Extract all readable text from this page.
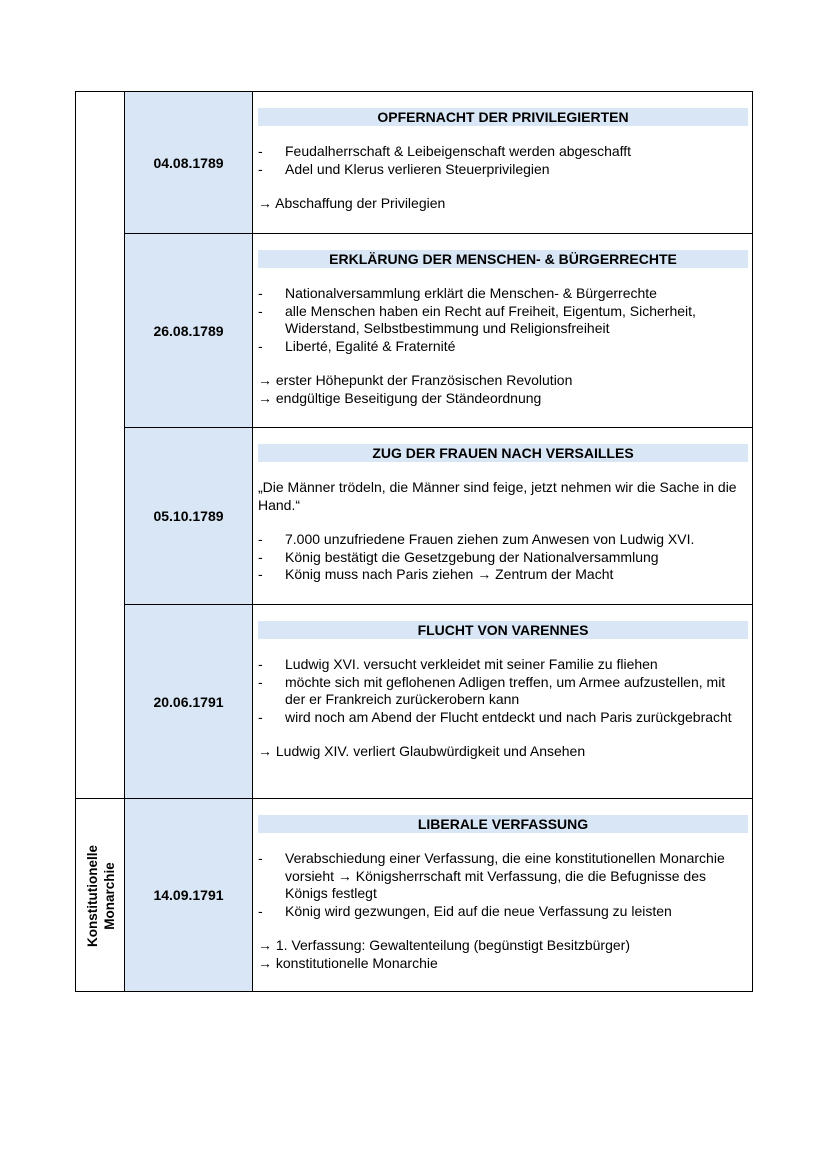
Konstitutionelle Monarchie
04.08.1789
OPFERNACHT DER PRIVILEGIERTEN
- Feudalherrschaft & Leibeigenschaft werden abgeschafft
- Adel und Klerus verlieren Steuerprivilegien
→ Abschaffung der Privilegien
26.08.1789
ERKLÄRUNG DER MENSCHEN- & BÜRGERRECHTE
- Nationalversammlung erklärt die Menschen- & Bürgerrechte
- alle Menschen haben ein Recht auf Freiheit, Eigentum, Sicherheit, Widerstand, Selbstbestimmung und Religionsfreiheit
- Liberté, Egalité & Fraternité
→ erster Höhepunkt der Französischen Revolution
→ endgültige Beseitigung der Ständeordnung
05.10.1789
ZUG DER FRAUEN NACH VERSAILLES
„Die Männer trödeln, die Männer sind feige, jetzt nehmen wir die Sache in die Hand.“
- 7.000 unzufriedene Frauen ziehen zum Anwesen von Ludwig XVI.
- König bestätigt die Gesetzgebung der Nationalversammlung
- König muss nach Paris ziehen → Zentrum der Macht
20.06.1791
FLUCHT VON VARENNES
- Ludwig XVI. versucht verkleidet mit seiner Familie zu fliehen
- möchte sich mit geflohenen Adligen treffen, um Armee aufzustellen, mit der er Frankreich zurückerobern kann
- wird noch am Abend der Flucht entdeckt und nach Paris zurückgebracht
→ Ludwig XIV. verliert Glaubwürdigkeit und Ansehen
14.09.1791
LIBERALE VERFASSUNG
- Verabschiedung einer Verfassung, die eine konstitutionellen Monarchie vorsieht → Königsherrschaft mit Verfassung, die die Befugnisse des Königs festlegt
- König wird gezwungen, Eid auf die neue Verfassung zu leisten
→ 1. Verfassung: Gewaltenteilung (begünstigt Besitzbürger)
→ konstitutionelle Monarchie
